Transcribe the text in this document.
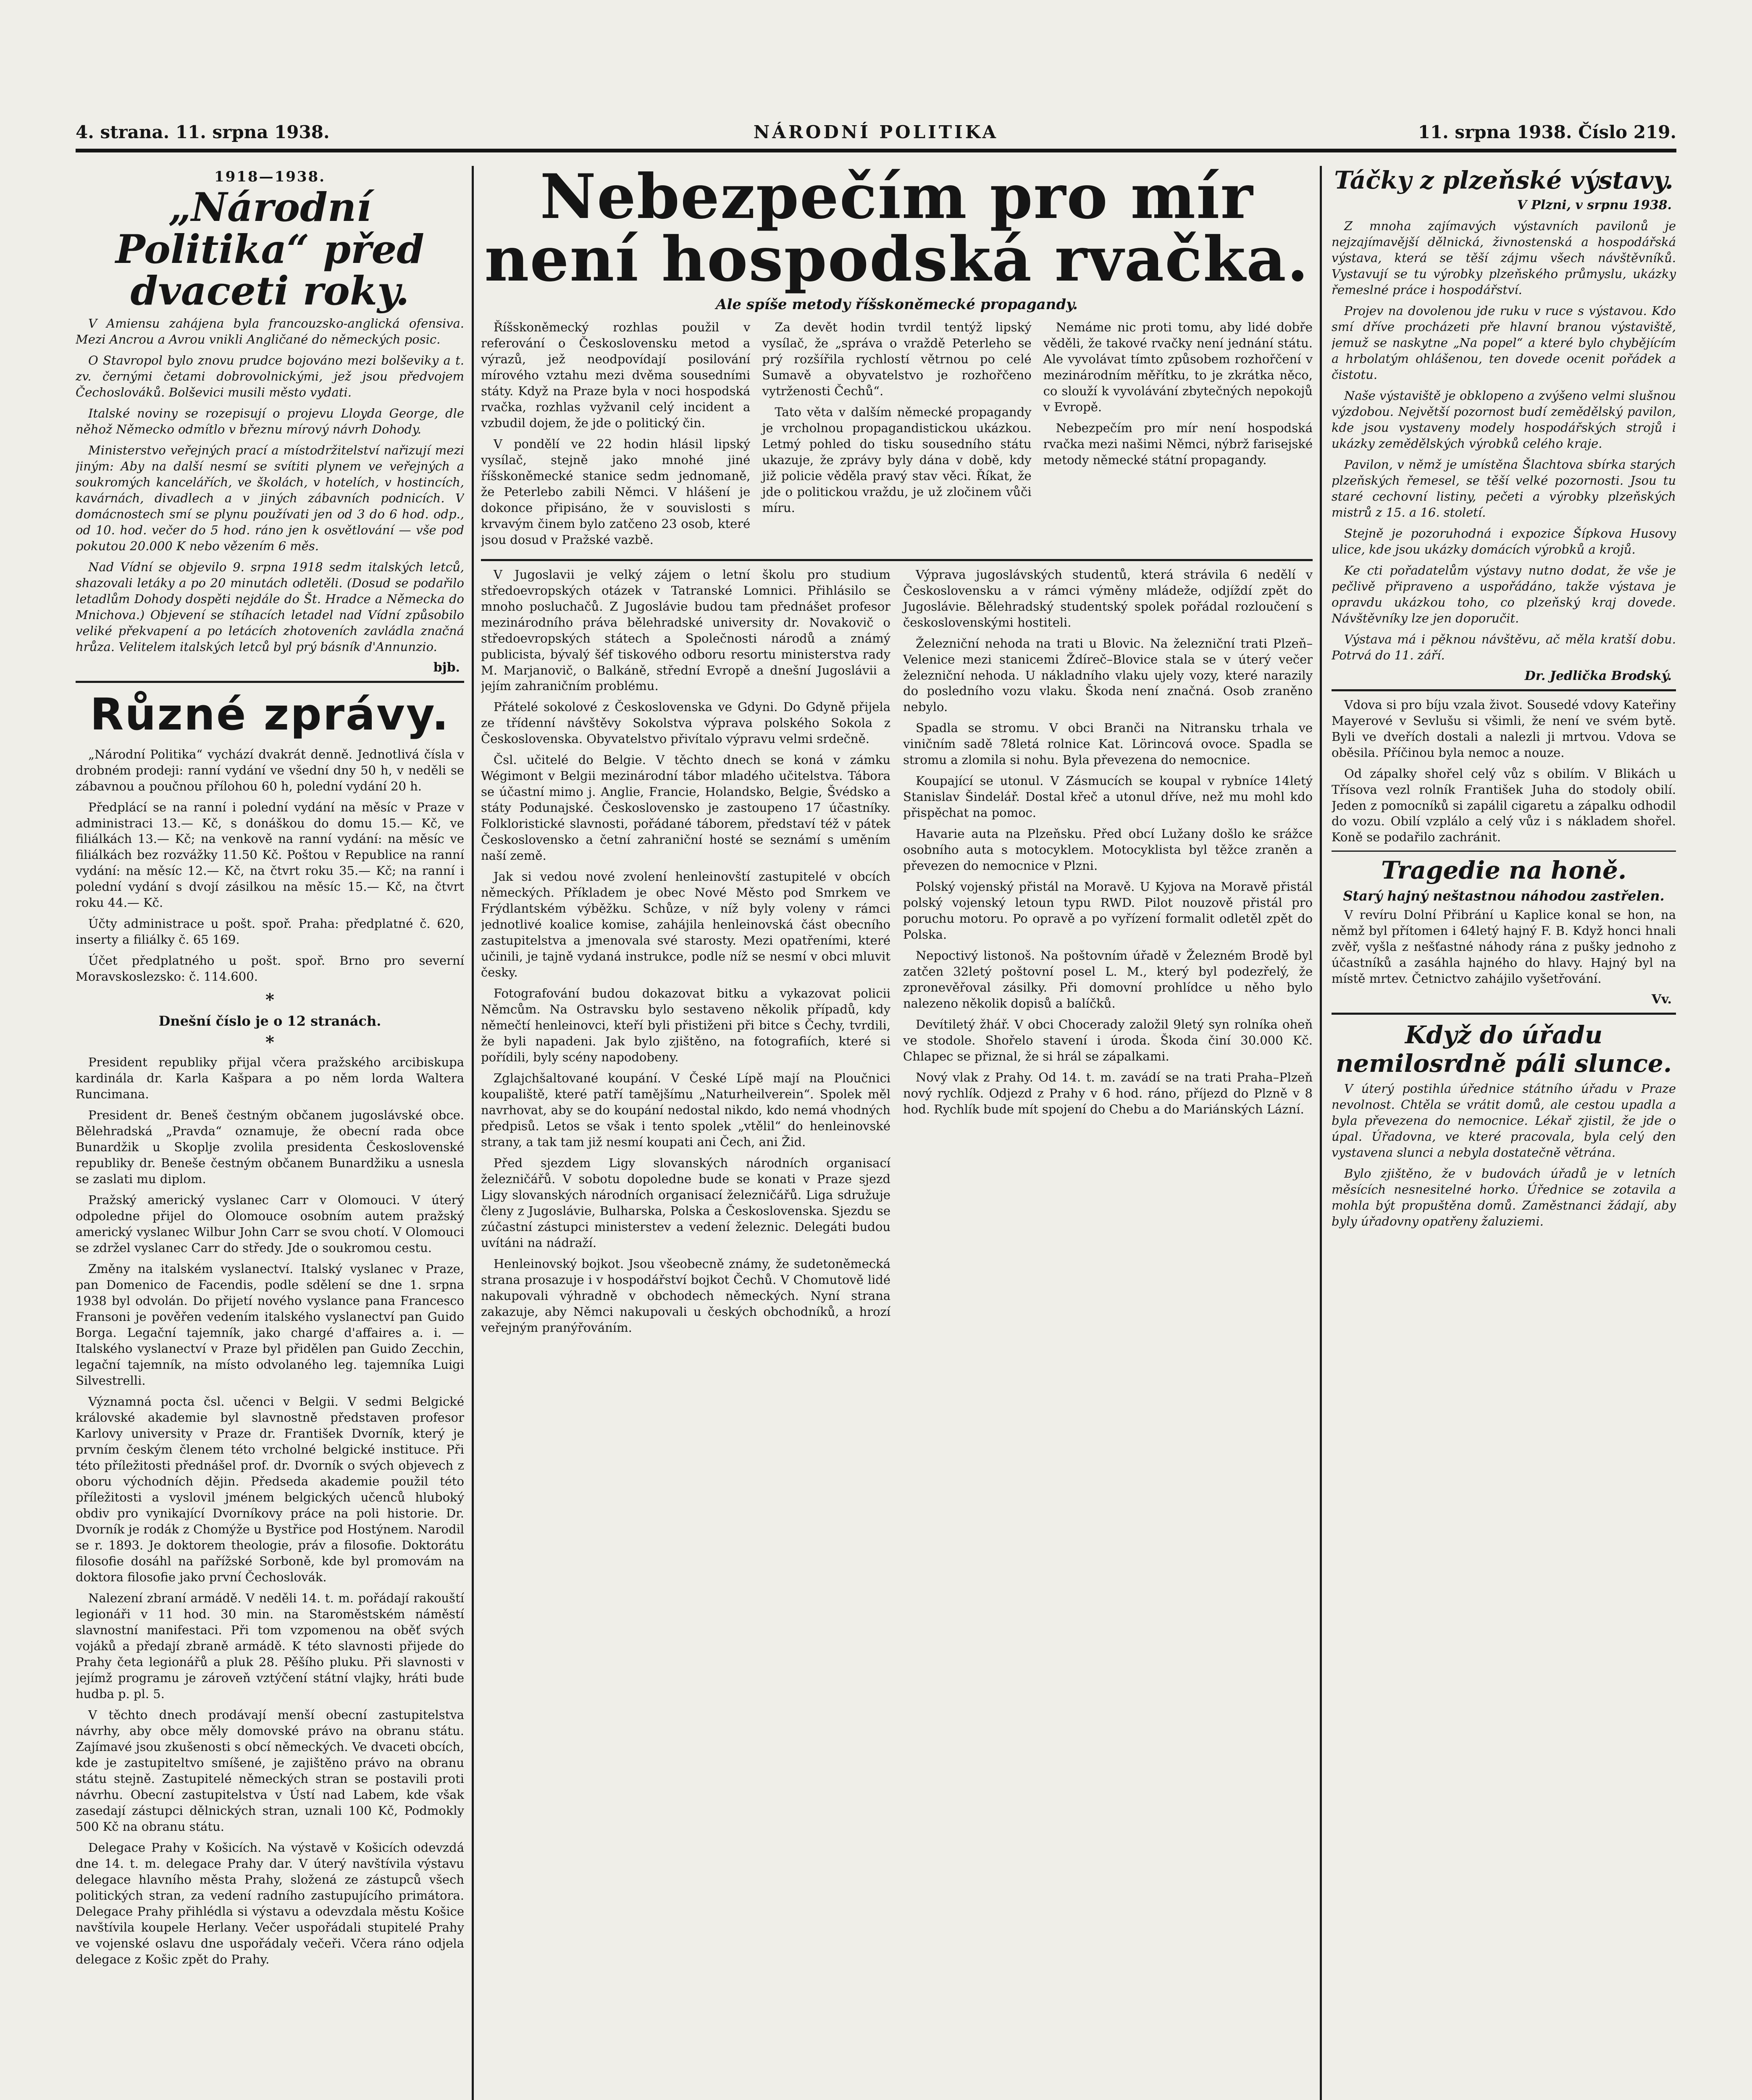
4. strana. 11. srpna 1938.	NÁRODNÍ POLITIKA	11. srpna 1938. Číslo 219.
1918—1938.
„Národní Politika“ před dvaceti roky.

V Amiensu zahájena byla francouzsko-anglická ofensiva. Mezi Ancrou a Avrou vnikli Angličané do německých posic.

O Stavropol bylo znovu prudce bojováno mezi bolševiky a t. zv. černými četami dobrovolnickými, jež jsou předvojem Čechoslováků. Bolševici musili město vydati.

Italské noviny se rozepisují o projevu Lloyda George, dle něhož Německo odmítlo v březnu mírový návrh Dohody.

Ministerstvo veřejných prací a místodržitelství nařizují mezi jiným: Aby na další nesmí se svítiti plynem ve veřejných a soukromých kancelářích, ve školách, v hotelích, v hostincích, kavárnách, divadlech a v jiných zábavních podnicích. V domácnostech smí se plynu používati jen od 3 do 6 hod. odp., od 10. hod. večer do 5 hod. ráno jen k osvětlování — vše pod pokutou 20.000 K nebo vězením 6 měs.

Nad Vídní se objevilo 9. srpna 1918 sedm italských letců, shazovali letáky a po 20 minutách odletěli. (Dosud se podařilo letadlům Dohody dospěti nejdále do Št. Hradce a Německa do Mnichova.) Objevení se stíhacích letadel nad Vídní způsobilo veliké překvapení a po letácích zhotoveních zavládla značná hrůza. Velitelem italských letců byl prý básník d'Annunzio.

bjb.
Různé zprávy.

„Národní Politika“ vychází dvakrát denně. Jednotlivá čísla v drobném prodeji: ranní vydání ve všední dny 50 h, v neděli se zábavnou a poučnou přílohou 60 h, polední vydání 20 h.

Předplácí se na ranní i polední vydání na měsíc v Praze v administraci 13.— Kč, s donáškou do domu 15.— Kč, ve filiálkách 13.— Kč; na venkově na ranní vydání: na měsíc ve filiálkách bez rozvážky 11.50 Kč. Poštou v Republice na ranní vydání: na měsíc 12.— Kč, na čtvrt roku 35.— Kč; na ranní i polední vydání s dvojí zásilkou na měsíc 15.— Kč, na čtvrt roku 44.— Kč.

Účty administrace u pošt. spoř. Praha: předplatné č. 620, inserty a filiálky č. 65 169.

Účet předplatného u pošt. spoř. Brno pro severní Moravskoslezsko: č. 114.600.

*
Dnešní číslo je o 12 stranách.
*

President republiky přijal včera pražského arcibiskupa kardinála dr. Karla Kašpara a po něm lorda Waltera Runcimana.

President dr. Beneš čestným občanem jugoslávské obce. Bělehradská „Pravda“ oznamuje, že obecní rada obce Bunardžik u Skoplje zvolila presidenta Československé republiky dr. Beneše čestným občanem Bunardžiku a usnesla se zaslati mu diplom.

Pražský americký vyslanec Carr v Olomouci. V úterý odpoledne přijel do Olomouce osobním autem pražský americký vyslanec Wilbur John Carr se svou chotí. V Olomouci se zdržel vyslanec Carr do středy. Jde o soukromou cestu.

Změny na italském vyslanectví. Italský vyslanec v Praze, pan Domenico de Facendis, podle sdělení se dne 1. srpna 1938 byl odvolán. Do přijetí nového vyslance pana Francesco Fransoni je pověřen vedením italského vyslanectví pan Guido Borga. Legační tajemník, jako chargé d'affaires a. i. — Italského vyslanectví v Praze byl přidělen pan Guido Zecchin, legační tajemník, na místo odvolaného leg. tajemníka Luigi Silvestrelli.

Významná pocta čsl. učenci v Belgii. V sedmi Belgické královské akademie byl slavnostně představen profesor Karlovy university v Praze dr. František Dvorník, který je prvním českým členem této vrcholné belgické instituce. Při této příležitosti přednášel prof. dr. Dvorník o svých objevech z oboru východních dějin. Předseda akademie použil této příležitosti a vyslovil jménem belgických učenců hluboký obdiv pro vynikající Dvorníkovy práce na poli historie. Dr. Dvorník je rodák z Chomýže u Bystřice pod Hostýnem. Narodil se r. 1893. Je doktorem theologie, práv a filosofie. Doktorátu filosofie dosáhl na pařížské Sorboně, kde byl promovám na doktora filosofie jako první Čechoslovák.

Nalezení zbraní armádě. V neděli 14. t. m. pořádají rakouští legionáři v 11 hod. 30 min. na Staroměstském náměstí slavnostní manifestaci. Při tom vzpomenou na oběť svých vojáků a předají zbraně armádě. K této slavnosti přijede do Prahy četa legionářů a pluk 28. Pěšího pluku. Při slavnosti v jejímž programu je zároveň vztýčení státní vlajky, hráti bude hudba p. pl. 5.

V těchto dnech prodávají menší obecní zastupitelstva návrhy, aby obce měly domovské právo na obranu státu. Zajímavé jsou zkušenosti s obcí německých. Ve dvaceti obcích, kde je zastupiteltvo smíšené, je zajištěno právo na obranu státu stejně. Zastupitelé německých stran se postavili proti návrhu. Obecní zastupitelstva v Ústí nad Labem, kde však zasedají zástupci dělnických stran, uznali 100 Kč, Podmokly 500 Kč na obranu státu.

Delegace Prahy v Košicích. Na výstavě v Košicích odevzdá dne 14. t. m. delegace Prahy dar. V úterý navštívila výstavu delegace hlavního města Prahy, složená ze zástupců všech politických stran, za vedení radního zastupujícího primátora. Delegace Prahy přihlédla si výstavu a odevzdala městu Košice navštívila koupele Herlany. Večer uspořádali stupitelé Prahy ve vojenské oslavu dne uspořádaly večeři. Včera ráno odjela delegace z Košic zpět do Prahy.

Nebezpečím pro mír není hospodská rvačka.
Ale spíše metody říšskoněmecké propagandy.

Říšskoněmecký rozhlas použil v referování o Československu metod a výrazů, jež neodpovídají posilování mírového vztahu mezi dvěma sousedními státy. Když na Praze byla v noci hospodská rvačka, rozhlas vyžvanil celý incident a vzbudil dojem, že jde o politický čin.

V pondělí ve 22 hodin hlásil lipský vysílač, stejně jako mnohé jiné říšskoněmecké stanice sedm jednomaně, že Peterlebo zabili Němci. V hlášení je dokonce připisáno, že v souvislosti s krvavým činem bylo zatčeno 23 osob, které jsou dosud v Pražské vazbě.

Za devět hodin tvrdil tentýž lipský vysílač, že „správa o vraždě Peterleho se prý rozšířila rychlostí větrnou po celé Sumavě a obyvatelstvo je rozhořčeno vytrženosti Čechů“.

Tato věta v dalším německé propagandy je vrcholnou propagandistickou ukázkou. Letmý pohled do tisku sousedního státu ukazuje, že zprávy byly dána v době, kdy již policie věděla pravý stav věci. Říkat, že jde o politickou vraždu, je už zločinem vůči míru.

Nemáme nic proti tomu, aby lidé dobře věděli, že takové rvačky není jednání státu. Ale vyvolávat tímto způsobem rozhořčení v mezinárodním měřítku, to je zkrátka něco, co slouží k vyvolávání zbytečných nepokojů v Evropě.

Nebezpečím pro mír není hospodská rvačka mezi našimi Němci, nýbrž farisejské metody německé státní propagandy.

V Jugoslavii je velký zájem o letní školu pro studium středoevropských otázek v Tatranské Lomnici. Přihlásilo se mnoho posluchačů. Z Jugoslávie budou tam přednášet profesor mezinárodního práva bělehradské university dr. Novakovič o středoevropských státech a Společnosti národů a známý publicista, bývalý šéf tiskového odboru resortu ministerstva rady M. Marjanovič, o Balkáně, střední Evropě a dnešní Jugoslávii a jejím zahraničním problému.

Přátelé sokolové z Československa ve Gdyni. Do Gdyně přijela ze třídenní návštěvy Sokolstva výprava polského Sokola z Československa. Obyvatelstvo přivítalo výpravu velmi srdečně.

Čsl. učitelé do Belgie. V těchto dnech se koná v zámku Wégimont v Belgii mezinárodní tábor mladého učitelstva. Tábora se účastní mimo j. Anglie, Francie, Holandsko, Belgie, Švédsko a státy Podunajské. Československo je zastoupeno 17 účastníky. Folkloristické slavnosti, pořádané táborem, představí též v pátek Československo a četní zahraniční hosté se seznámí s uměním naší země.

Jak si vedou nové zvolení henleinovští zastupitelé v obcích německých. Příkladem je obec Nové Město pod Smrkem ve Frýdlantském výběžku. Schůze, v níž byly voleny v rámci jednotlivé koalice komise, zahájila henleinovská část obecního zastupitelstva a jmenovala své starosty. Mezi opatřeními, které učinili, je tajně vydaná instrukce, podle níž se nesmí v obci mluvit česky.

Fotografování budou dokazovat bitku a vykazovat policii Němcům. Na Ostravsku bylo sestaveno několik případů, kdy němečtí henleinovci, kteří byli přistiženi při bitce s Čechy, tvrdili, že byli napadeni. Jak bylo zjištěno, na fotografiích, které si pořídili, byly scény napodobeny.

Zglajchšaltované koupání. V České Lípě mají na Ploučnici koupaliště, které patří tamějšímu „Naturheilverein“. Spolek měl navrhovat, aby se do koupání nedostal nikdo, kdo nemá vhodných předpisů. Letos se však i tento spolek „vtělil“ do henleinovské strany, a tak tam již nesmí koupati ani Čech, ani Žid.

Před sjezdem Ligy slovanských národních organisací železničářů. V sobotu dopoledne bude se konati v Praze sjezd Ligy slovanských národních organisací železničářů. Liga sdružuje členy z Jugoslávie, Bulharska, Polska a Československa. Sjezdu se zúčastní zástupci ministerstev a vedení železnic. Delegáti budou uvítáni na nádraží.

Henleinovský bojkot. Jsou všeobecně známy, že sudetoněmecká strana prosazuje i v hospodářství bojkot Čechů. V Chomutově lidé nakupovali výhradně v obchodech německých. Nyní strana zakazuje, aby Němci nakupovali u českých obchodníků, a hrozí veřejným pranýřováním.

Výprava jugoslávských studentů, která strávila 6 nedělí v Československu a v rámci výměny mládeže, odjíždí zpět do Jugoslávie. Bělehradský studentský spolek pořádal rozloučení s československými hostiteli.

Železniční nehoda na trati u Blovic. Na železniční trati Plzeň–Velenice mezi stanicemi Ždíreč–Blovice stala se v úterý večer železniční nehoda. U nákladního vlaku ujely vozy, které narazily do posledního vozu vlaku. Škoda není značná. Osob zraněno nebylo.

Spadla se stromu. V obci Branči na Nitransku trhala ve viničním sadě 78letá rolnice Kat. Lörincová ovoce. Spadla se stromu a zlomila si nohu. Byla převezena do nemocnice.

Koupající se utonul. V Zásmucích se koupal v rybníce 14letý Stanislav Šindelář. Dostal křeč a utonul dříve, než mu mohl kdo přispěchat na pomoc.

Havarie auta na Plzeňsku. Před obcí Lužany došlo ke srážce osobního auta s motocyklem. Motocyklista byl těžce zraněn a převezen do nemocnice v Plzni.

Polský vojenský přistál na Moravě. U Kyjova na Moravě přistál polský vojenský letoun typu RWD. Pilot nouzově přistál pro poruchu motoru. Po opravě a po vyřízení formalit odletěl zpět do Polska.

Nepoctivý listonoš. Na poštovním úřadě v Železném Brodě byl zatčen 32letý poštovní posel L. M., který byl podezřelý, že zpronevěřoval zásilky. Při domovní prohlídce u něho bylo nalezeno několik dopisů a balíčků.

Devítiletý žhář. V obci Chocerady založil 9letý syn rolníka oheň ve stodole. Shořelo stavení i úroda. Škoda činí 30.000 Kč. Chlapec se přiznal, že si hrál se zápalkami.

Nový vlak z Prahy. Od 14. t. m. zavádí se na trati Praha–Plzeň nový rychlík. Odjezd z Prahy v 6 hod. ráno, příjezd do Plzně v 8 hod. Rychlík bude mít spojení do Chebu a do Mariánských Lázní.

Táčky z plzeňské výstavy.
V Plzni, v srpnu 1938.

Z mnoha zajímavých výstavních pavilonů je nejzajímavější dělnická, živnostenská a hospodářská výstava, která se těší zájmu všech návštěvníků. Vystavují se tu výrobky plzeňského průmyslu, ukázky řemeslné práce i hospodářství.

Projev na dovolenou jde ruku v ruce s výstavou. Kdo smí dříve procházeti pře hlavní branou výstaviště, jemuž se naskytne „Na popel“ a které bylo chybějícím a hrbolatým ohlášenou, ten dovede ocenit pořádek a čistotu.

Naše výstaviště je obklopeno a zvýšeno velmi slušnou výzdobou. Největší pozornost budí zemědělský pavilon, kde jsou vystaveny modely hospodářských strojů i ukázky zemědělských výrobků celého kraje.

Pavilon, v němž je umístěna Šlachtova sbírka starých plzeňských řemesel, se těší velké pozornosti. Jsou tu staré cechovní listiny, pečeti a výrobky plzeňských mistrů z 15. a 16. století.

Stejně je pozoruhodná i expozice Šípkova Husovy ulice, kde jsou ukázky domácích výrobků a krojů.

Ke cti pořadatelům výstavy nutno dodat, že vše je pečlivě připraveno a uspořádáno, takže výstava je opravdu ukázkou toho, co plzeňský kraj dovede. Návštěvníky lze jen doporučit.

Výstava má i pěknou návštěvu, ač měla kratší dobu. Potrvá do 11. září.

Dr. Jedlička Brodský.

Vdova si pro bíju vzala život. Sousedé vdovy Kateřiny Mayerové v Sevlušu si všimli, že není ve svém bytě. Byli ve dveřích dostali a nalezli ji mrtvou. Vdova se oběsila. Příčinou byla nemoc a nouze.

Od zápalky shořel celý vůz s obilím. V Blikách u Třísova vezl rolník František Juha do stodoly obilí. Jeden z pomocníků si zapálil cigaretu a zápalku odhodil do vozu. Obilí vzplálo a celý vůz i s nákladem shořel. Koně se podařilo zachránit.

Tragedie na honě.
Starý hajný neštastnou náhodou zastřelen.

V revíru Dolní Přibrání u Kaplice konal se hon, na němž byl přítomen i 64letý hajný F. B. Když honci hnali zvěř, vyšla z nešťastné náhody rána z pušky jednoho z účastníků a zasáhla hajného do hlavy. Hajný byl na místě mrtev. Četnictvo zahájilo vyšetřování.

Vv.
Když do úřadu nemilosrdně páli slunce.

V úterý postihla úřednice státního úřadu v Praze nevolnost. Chtěla se vrátit domů, ale cestou upadla a byla převezena do nemocnice. Lékař zjistil, že jde o úpal. Úřadovna, ve které pracovala, byla celý den vystavena slunci a nebyla dostatečně větrána.

Bylo zjištěno, že v budovách úřadů je v letních měsících nesnesitelné horko. Úřednice se zotavila a mohla být propuštěna domů. Zaměstnanci žádají, aby byly úřadovny opatřeny žaluziemi.
